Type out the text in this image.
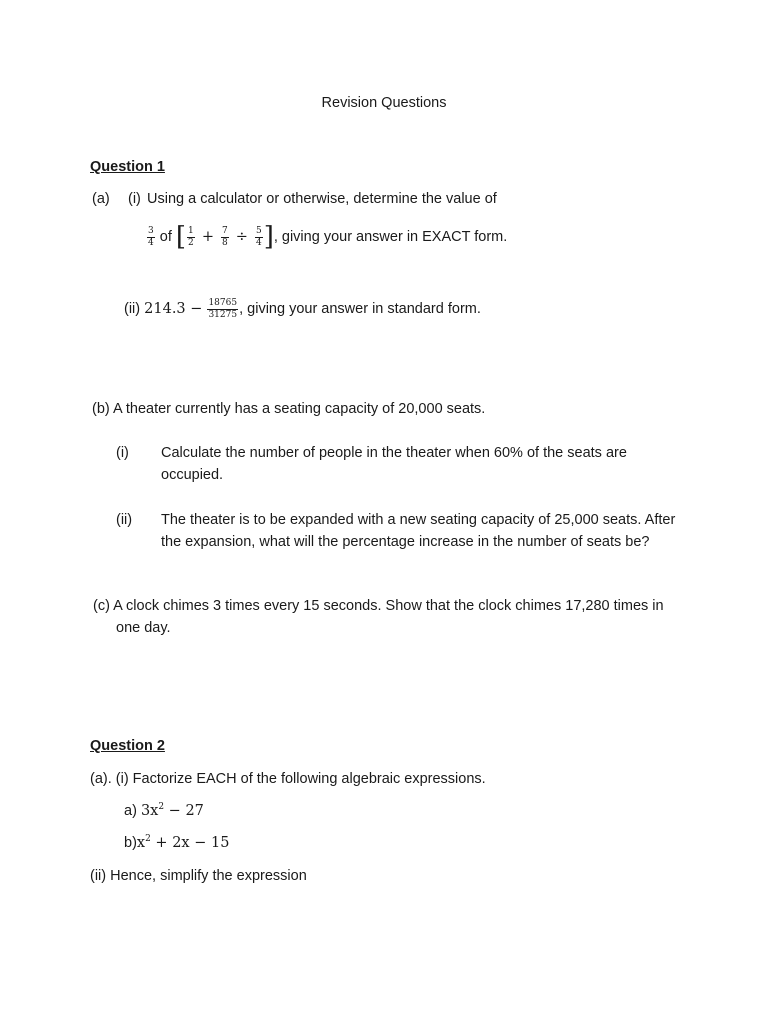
Revision Questions
Question 1
(a) (i) Using a calculator or otherwise, determine the value of
$\frac{3}{4}$ of [ $\frac{1}{2} + \frac{7}{8} \div \frac{5}{4}$ ], giving your answer in EXACT form.
(ii) $214.3 - \frac{18765}{31275}$ , giving your answer in standard form.
(b) A theater currently has a seating capacity of 20,000 seats.
(i) Calculate the number of people in the theater when 60% of the seats are
occupied.
(ii) The theater is to be expanded with a new seating capacity of 25,000 seats. After
the expansion, what will the percentage increase in the number of seats be?
(c) A clock chimes 3 times every 15 seconds. Show that the clock chimes 17,280 times in
one day.
Question 2
(a). (i) Factorize EACH of the following algebraic expressions.
a) $3x^2 - 27$
$b)x^2 + 2x - 15$
(ii) Hence, simplify the expression
